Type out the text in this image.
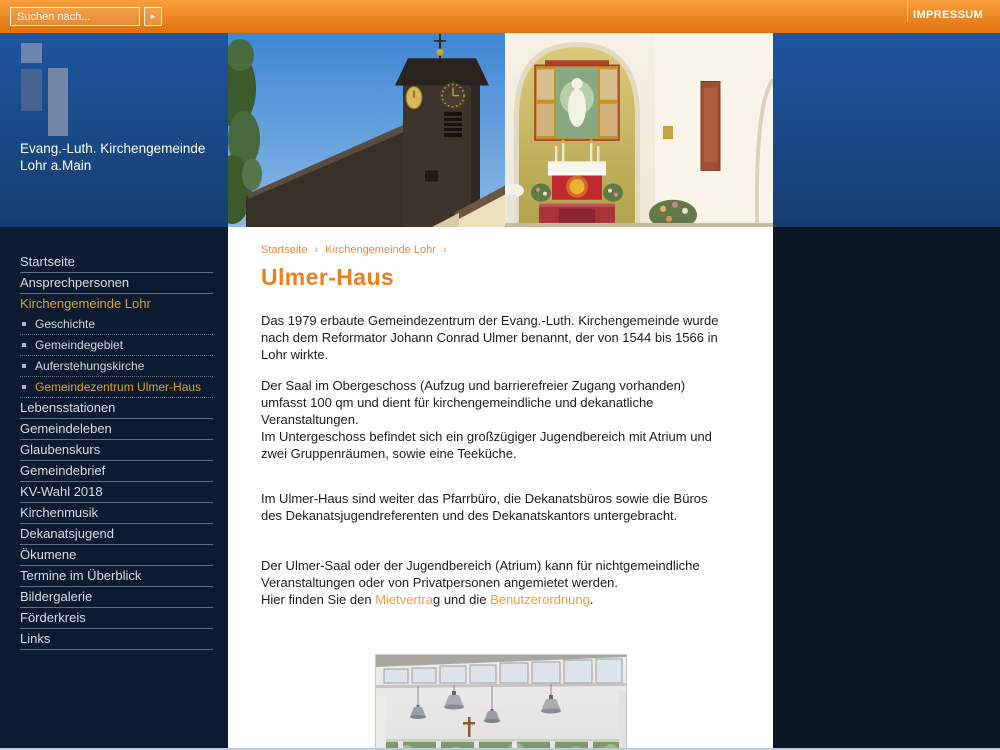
Suchen nach...
▸	IMPRESSUM
Evang.-Luth. Kirchengemeinde
Lohr a.Main
Startseite
Ansprechpersonen
Kirchengemeinde Lohr
Geschichte
Gemeindegebiet
Auferstehungskirche
Gemeindezentrum Ulmer-Haus
Lebensstationen
Gemeindeleben
Glaubenskurs
Gemeindebrief
KV-Wahl 2018
Kirchenmusik
Dekanatsjugend
Ökumene
Termine im Überblick
Bildergalerie
Förderkreis
Links
Startseite › Kirchengemeinde Lohr ›
Ulmer-Haus
Das 1979 erbaute Gemeindezentrum der Evang.-Luth. Kirchengemeinde wurde nach dem Reformator Johann Conrad Ulmer benannt, der von 1544 bis 1566 in Lohr wirkte.
Der Saal im Obergeschoss (Aufzug und barrierefreier Zugang vorhanden) umfasst 100 qm und dient für kirchengemeindliche und dekanatliche Veranstaltungen.
Im Untergeschoss befindet sich ein großzügiger Jugendbereich mit Atrium und zwei Gruppenräumen, sowie eine Teeküche.
Im Ulmer-Haus sind weiter das Pfarrbüro, die Dekanatsbüros sowie die Büros des Dekanatsjugendreferenten und des Dekanatskantors untergebracht.
Der Ulmer-Saal oder der Jugendbereich (Atrium) kann für nichtgemeindliche Veranstaltungen oder von Privatpersonen angemietet werden.
Hier finden Sie den Mietvertrag und die Benutzerordnung.
